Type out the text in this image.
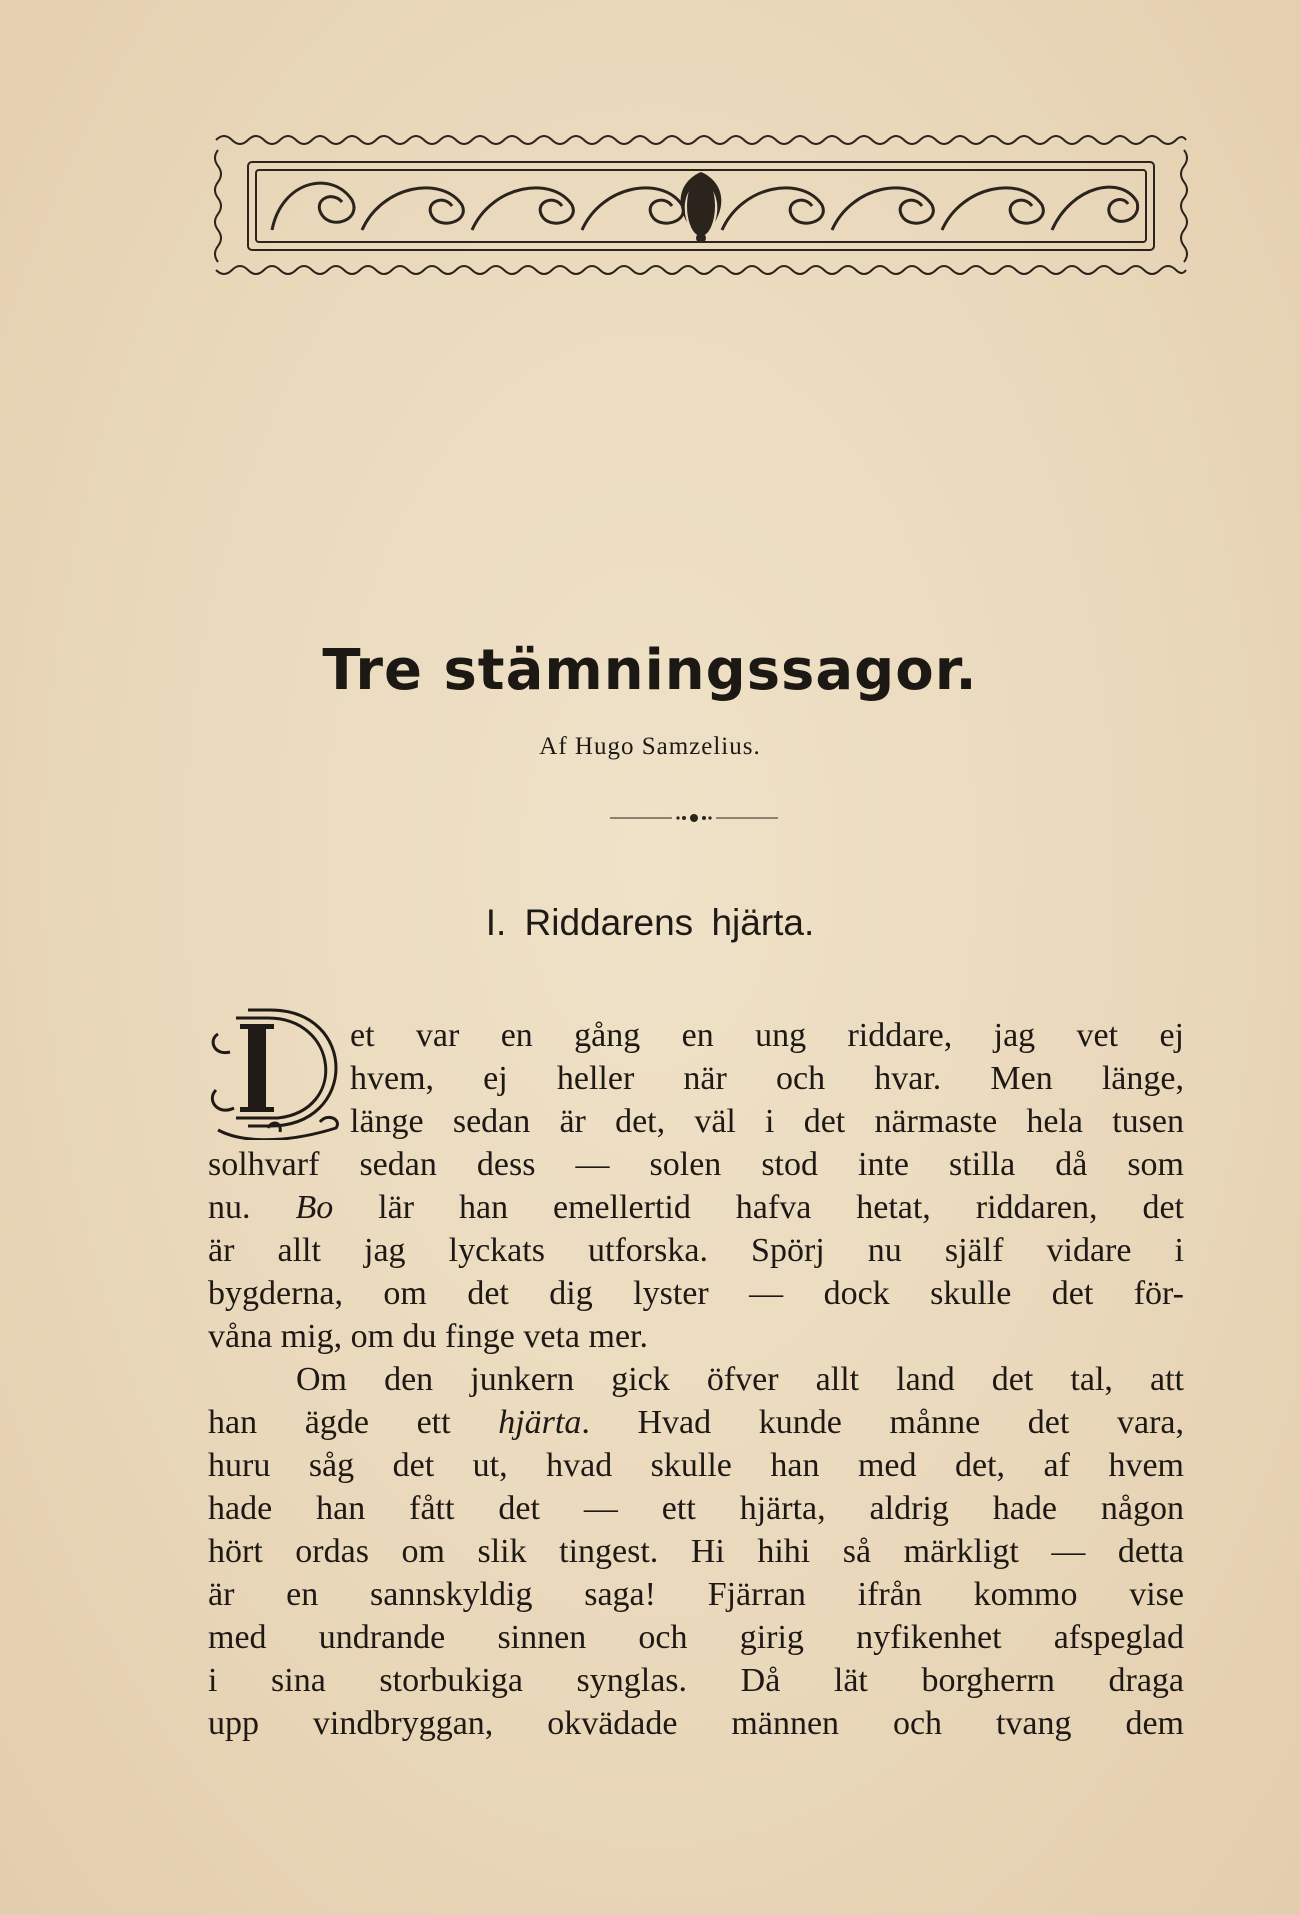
Tre stämningssagor.
Af Hugo Samzelius.
I. Riddarens hjärta.
et var en gång en ung riddare, jag vet ej
hvem, ej heller när och hvar. Men länge,
länge sedan är det, väl i det närmaste hela tusen
solhvarf sedan dess — solen stod inte stilla då som
nu. Bo lär han emellertid hafva hetat, riddaren, det
är allt jag lyckats utforska. Spörj nu själf vidare i
bygderna, om det dig lyster — dock skulle det för-
våna mig, om du finge veta mer.
Om den junkern gick öfver allt land det tal, att
han ägde ett hjärta. Hvad kunde månne det vara,
huru såg det ut, hvad skulle han med det, af hvem
hade han fått det — ett hjärta, aldrig hade någon
hört ordas om slik tingest. Hi hihi så märkligt — detta
är en sannskyldig saga! Fjärran ifrån kommo vise
med undrande sinnen och girig nyfikenhet afspeglad
i sina storbukiga synglas. Då lät borgherrn draga
upp vindbryggan, okvädade männen och tvang dem
